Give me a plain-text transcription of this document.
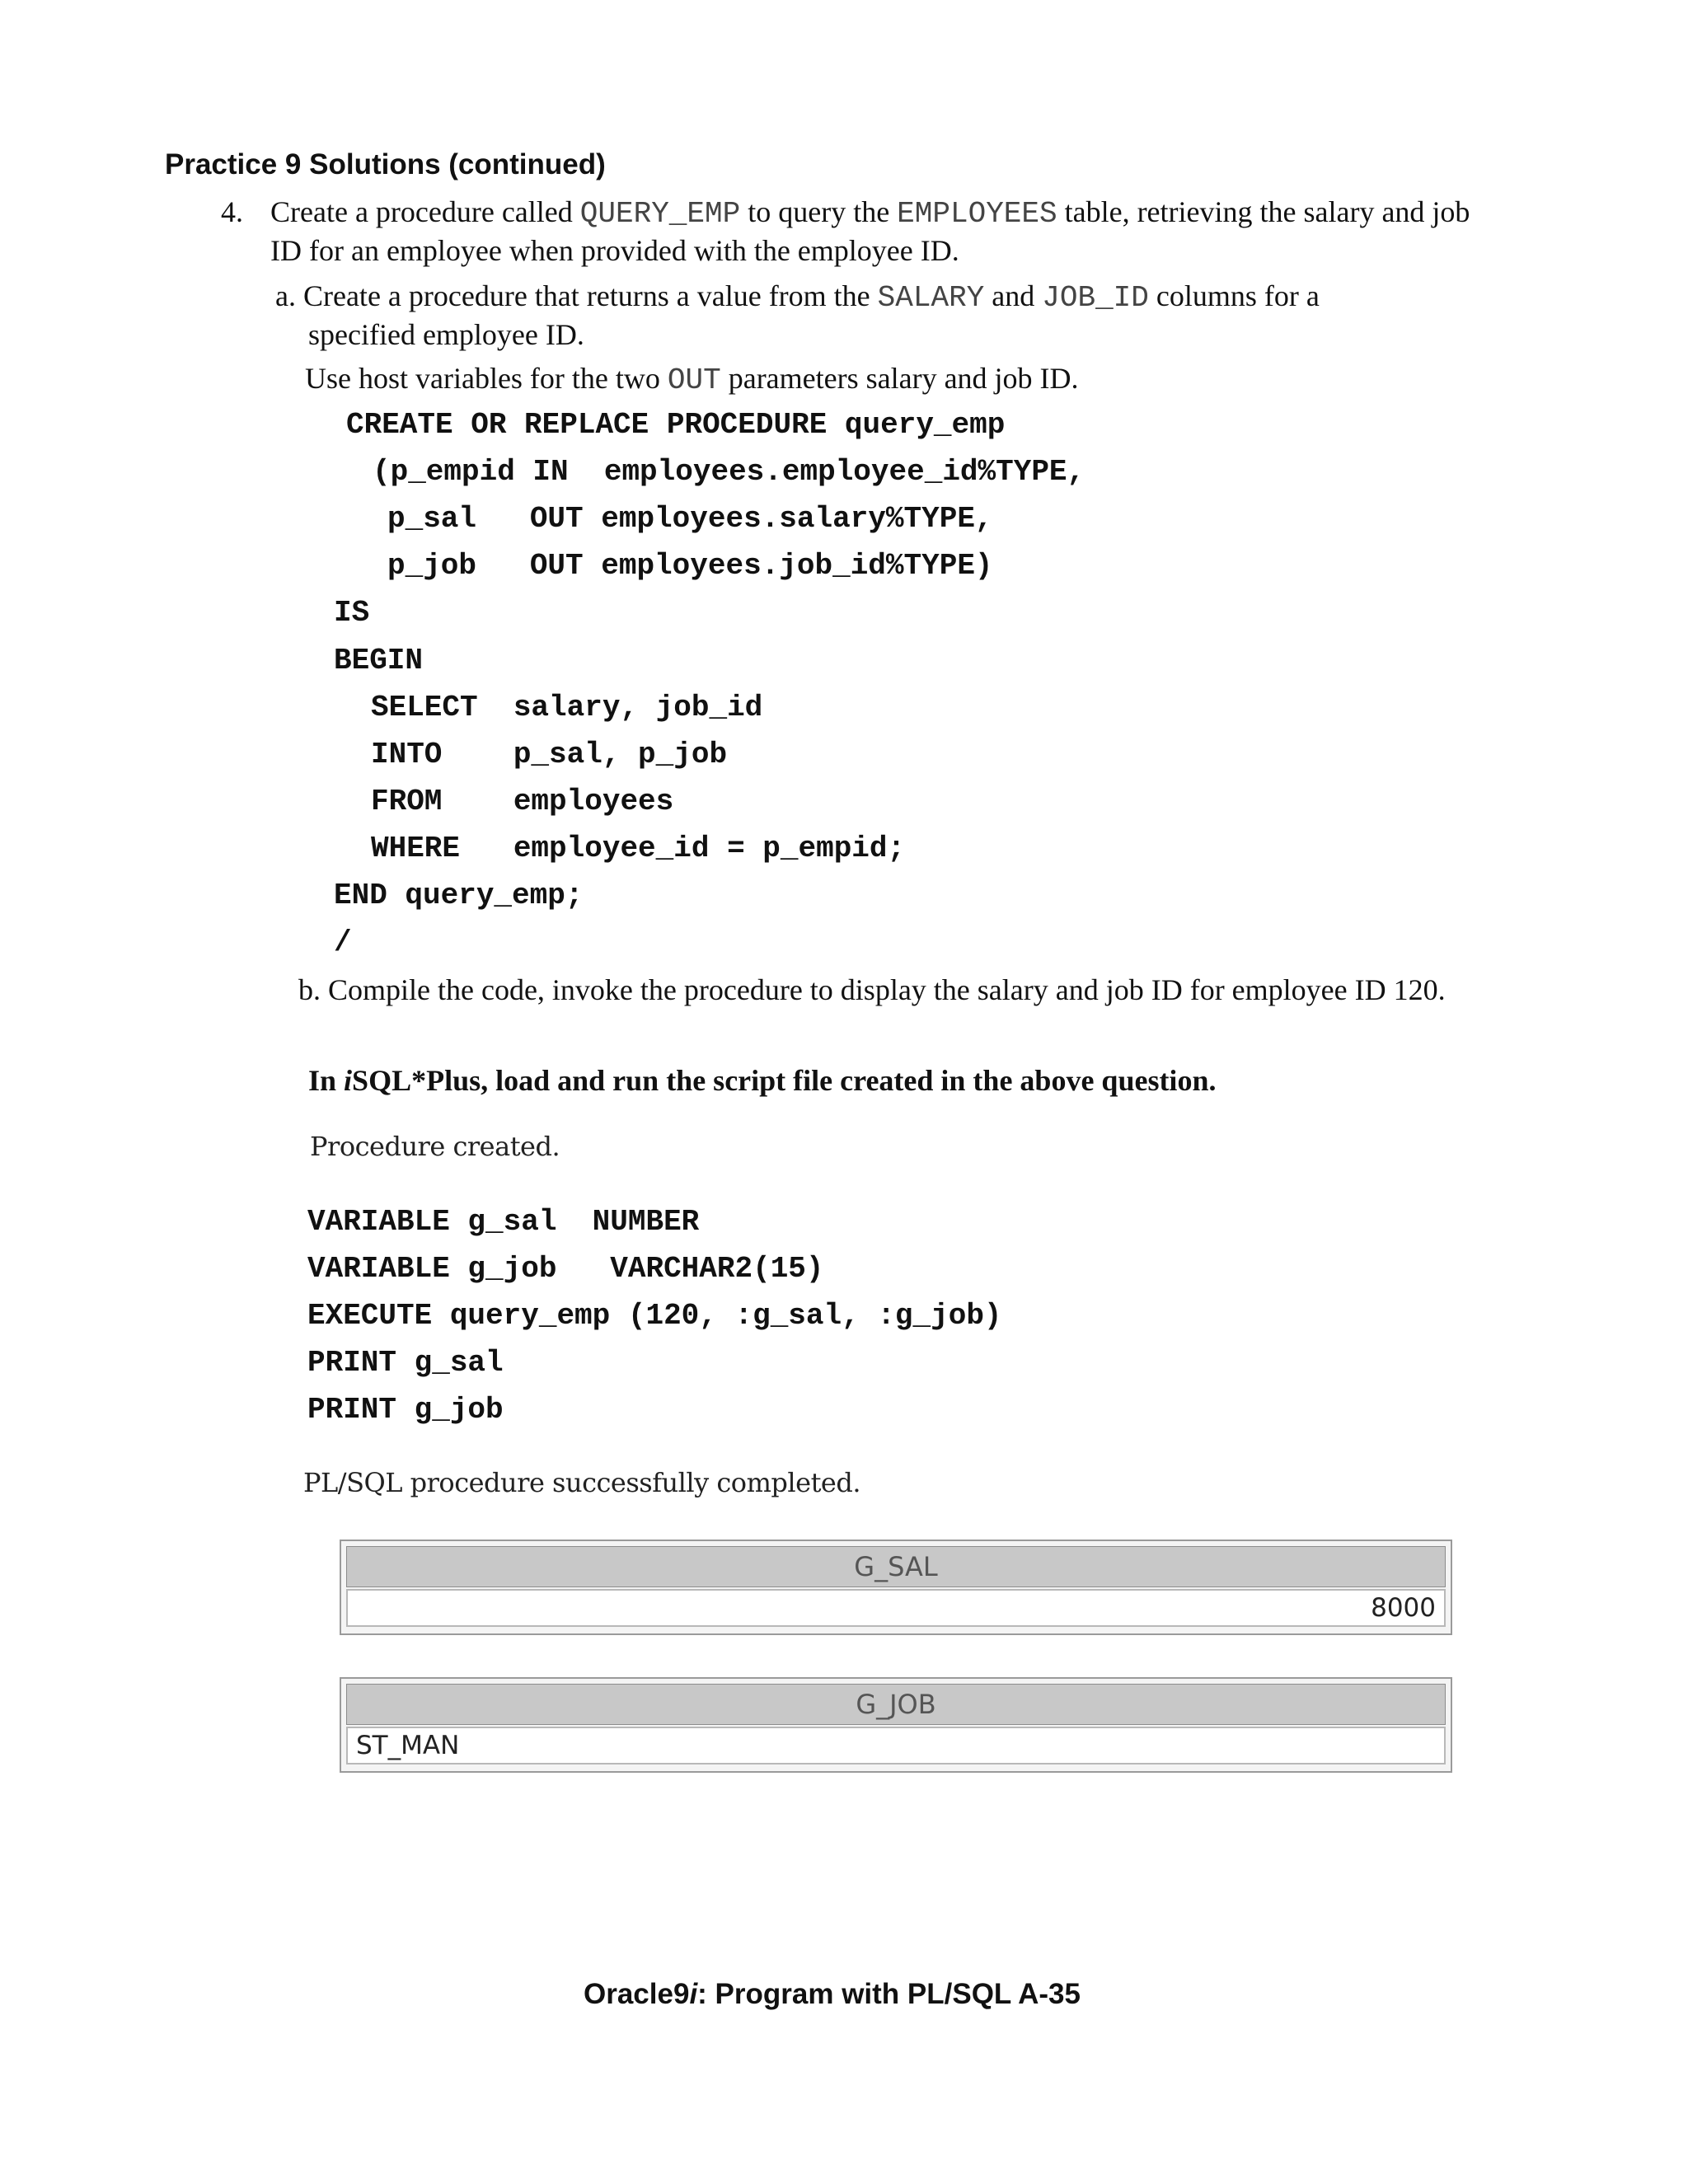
Practice 9 Solutions (continued)
4. Create a procedure called QUERY_EMP to query the EMPLOYEES table, retrieving the salary and job
ID for an employee when provided with the employee ID.
a. Create a procedure that returns a value from the SALARY and JOB_ID columns for a
specified employee ID.
Use host variables for the two OUT parameters salary and job ID.
CREATE OR REPLACE PROCEDURE query_emp
(p_empid IN  employees.employee_id%TYPE,
p_sal   OUT employees.salary%TYPE,
p_job   OUT employees.job_id%TYPE)
IS
BEGIN
SELECT  salary, job_id
INTO    p_sal, p_job
FROM    employees
WHERE   employee_id = p_empid;
END query_emp;
/
b. Compile the code, invoke the procedure to display the salary and job ID for employee ID 120.
In iSQL*Plus, load and run the script file created in the above question.
Procedure created.
VARIABLE g_sal  NUMBER
VARIABLE g_job   VARCHAR2(15)
EXECUTE query_emp (120, :g_sal, :g_job)
PRINT g_sal
PRINT g_job
PL/SQL procedure successfully completed.
G_SAL
8000
G_JOB
ST_MAN
Oracle9i: Program with PL/SQL A-35
